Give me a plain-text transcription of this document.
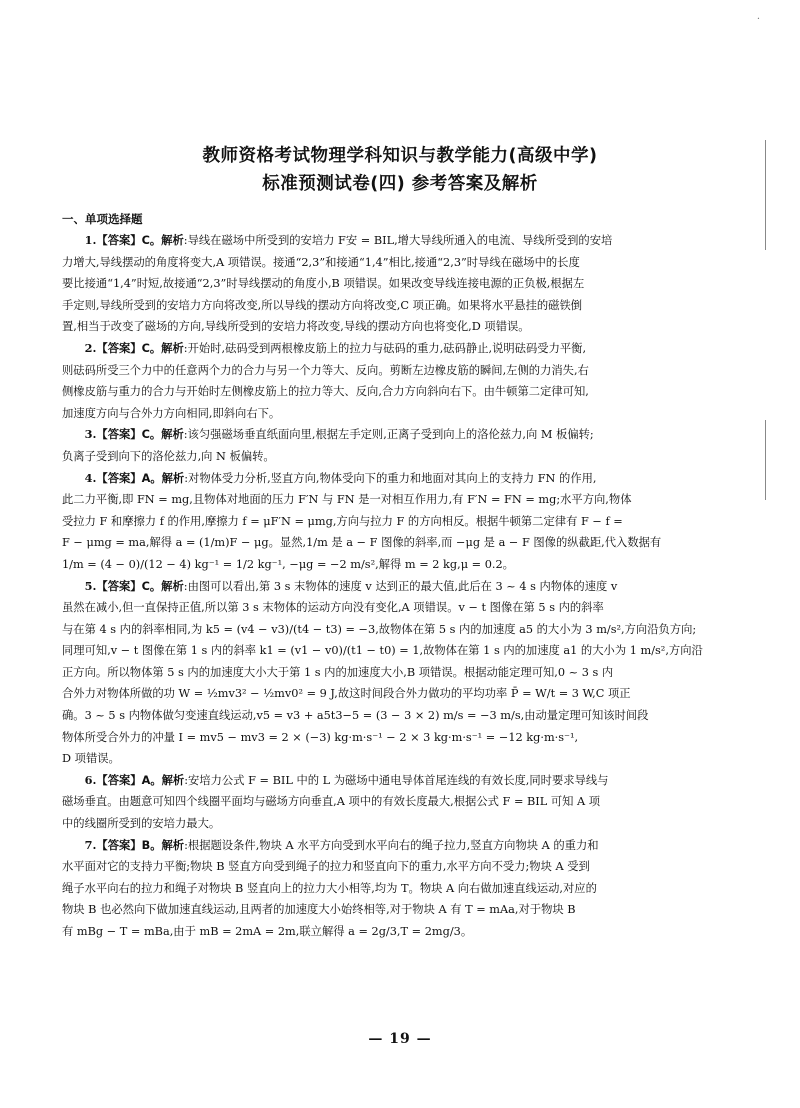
·
教师资格考试物理学科知识与教学能力(高级中学)
标准预测试卷(四) 参考答案及解析
一、单项选择题

1.【答案】C。解析:导线在磁场中所受到的安培力 F安 = BIL,增大导线所通入的电流、导线所受到的安培
力增大,导线摆动的角度将变大,A 项错误。接通“2,3”和接通“1,4”相比,接通“2,3”时导线在磁场中的长度
要比接通“1,4”时短,故接通“2,3”时导线摆动的角度小,B 项错误。如果改变导线连接电源的正负极,根据左
手定则,导线所受到的安培力方向将改变,所以导线的摆动方向将改变,C 项正确。如果将水平悬挂的磁铁倒
置,相当于改变了磁场的方向,导线所受到的安培力将改变,导线的摆动方向也将变化,D 项错误。

2.【答案】C。解析:开始时,砝码受到两根橡皮筋上的拉力与砝码的重力,砝码静止,说明砝码受力平衡,
则砝码所受三个力中的任意两个力的合力与另一个力等大、反向。剪断左边橡皮筋的瞬间,左侧的力消失,右
侧橡皮筋与重力的合力与开始时左侧橡皮筋上的拉力等大、反向,合力方向斜向右下。由牛顿第二定律可知,
加速度方向与合外力方向相同,即斜向右下。

3.【答案】C。解析:该匀强磁场垂直纸面向里,根据左手定则,正离子受到向上的洛伦兹力,向 M 板偏转;
负离子受到向下的洛伦兹力,向 N 板偏转。

4.【答案】A。解析:对物体受力分析,竖直方向,物体受向下的重力和地面对其向上的支持力 FN 的作用,
此二力平衡,即 FN = mg,且物体对地面的压力 F′N 与 FN 是一对相互作用力,有 F′N = FN = mg;水平方向,物体
受拉力 F 和摩擦力 f 的作用,摩擦力 f = μF′N = μmg,方向与拉力 F 的方向相反。根据牛顿第二定律有 F − f =
F − μmg = ma,解得 a = (1/m)F − μg。显然,1/m 是 a − F 图像的斜率,而 −μg 是 a − F 图像的纵截距,代入数据有
1/m = (4 − 0)/(12 − 4) kg⁻¹ = 1/2 kg⁻¹, −μg = −2 m/s²,解得 m = 2 kg,μ = 0.2。

5.【答案】C。解析:由图可以看出,第 3 s 末物体的速度 v 达到正的最大值,此后在 3 ~ 4 s 内物体的速度 v
虽然在减小,但一直保持正值,所以第 3 s 末物体的运动方向没有变化,A 项错误。v − t 图像在第 5 s 内的斜率
与在第 4 s 内的斜率相同,为 k5 = (v4 − v3)/(t4 − t3) = −3,故物体在第 5 s 内的加速度 a5 的大小为 3 m/s²,方向沿负方向;
同理可知,v − t 图像在第 1 s 内的斜率 k1 = (v1 − v0)/(t1 − t0) = 1,故物体在第 1 s 内的加速度 a1 的大小为 1 m/s²,方向沿
正方向。所以物体第 5 s 内的加速度大小大于第 1 s 内的加速度大小,B 项错误。根据动能定理可知,0 ~ 3 s 内
合外力对物体所做的功 W = ½mv3² − ½mv0² = 9 J,故这时间段合外力做功的平均功率 P̄ = W/t = 3 W,C 项正
确。3 ~ 5 s 内物体做匀变速直线运动,v5 = v3 + a5t3−5 = (3 − 3 × 2) m/s = −3 m/s,由动量定理可知该时间段
物体所受合外力的冲量 I = mv5 − mv3 = 2 × (−3) kg·m·s⁻¹ − 2 × 3 kg·m·s⁻¹ = −12 kg·m·s⁻¹,
D 项错误。

6.【答案】A。解析:安培力公式 F = BIL 中的 L 为磁场中通电导体首尾连线的有效长度,同时要求导线与
磁场垂直。由题意可知四个线圈平面均与磁场方向垂直,A 项中的有效长度最大,根据公式 F = BIL 可知 A 项
中的线圈所受到的安培力最大。

7.【答案】B。解析:根据题设条件,物块 A 水平方向受到水平向右的绳子拉力,竖直方向物块 A 的重力和
水平面对它的支持力平衡;物块 B 竖直方向受到绳子的拉力和竖直向下的重力,水平方向不受力;物块 A 受到
绳子水平向右的拉力和绳子对物块 B 竖直向上的拉力大小相等,均为 T。物块 A 向右做加速直线运动,对应的
物块 B 也必然向下做加速直线运动,且两者的加速度大小始终相等,对于物块 A 有 T = mAa,对于物块 B
有 mBg − T = mBa,由于 mB = 2mA = 2m,联立解得 a = 2g/3,T = 2mg/3。

— 19 —
